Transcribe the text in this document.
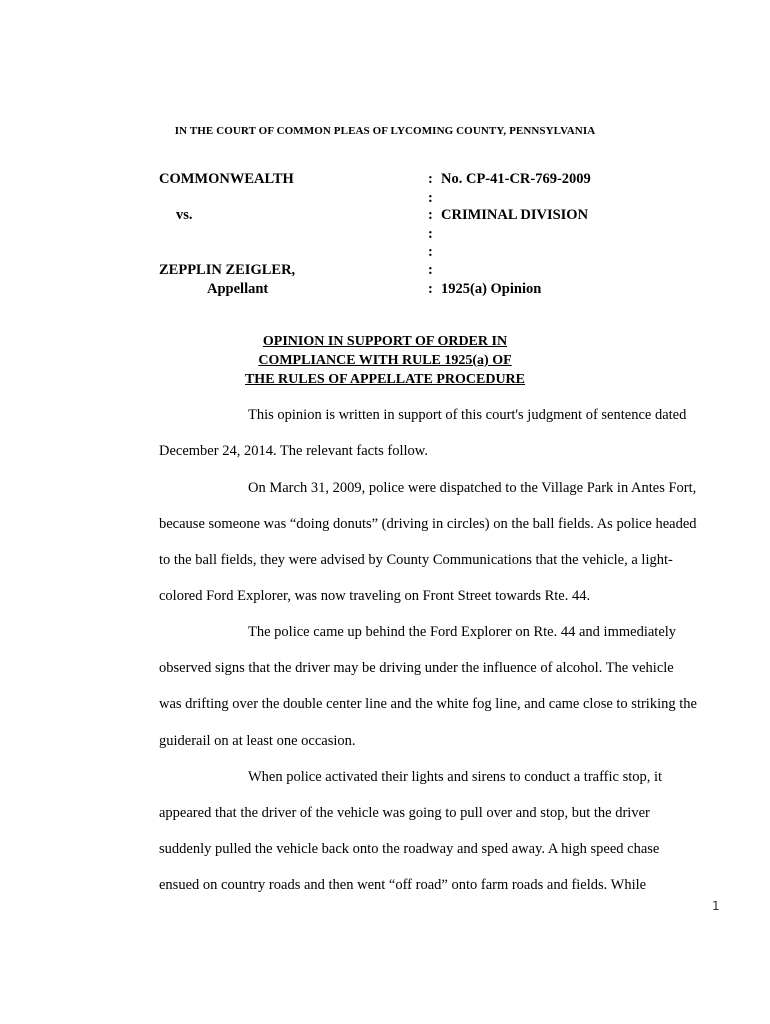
IN THE COURT OF COMMON PLEAS OF LYCOMING COUNTY, PENNSYLVANIA
COMMONWEALTH
vs.
ZEPPLIN ZEIGLER,
Appellant
:
:
:
:
:
:
:
No. CP-41-CR-769-2009
CRIMINAL DIVISION
1925(a) Opinion
OPINION IN SUPPORT OF ORDER IN
COMPLIANCE WITH RULE 1925(a) OF
THE RULES OF APPELLATE PROCEDURE
This opinion is written in support of this court's judgment of sentence dated
December 24, 2014. The relevant facts follow.
On March 31, 2009, police were dispatched to the Village Park in Antes Fort,
because someone was “doing donuts” (driving in circles) on the ball fields. As police headed
to the ball fields, they were advised by County Communications that the vehicle, a light-
colored Ford Explorer, was now traveling on Front Street towards Rte. 44.
The police came up behind the Ford Explorer on Rte. 44 and immediately
observed signs that the driver may be driving under the influence of alcohol. The vehicle
was drifting over the double center line and the white fog line, and came close to striking the
guiderail on at least one occasion.
When police activated their lights and sirens to conduct a traffic stop, it
appeared that the driver of the vehicle was going to pull over and stop, but the driver
suddenly pulled the vehicle back onto the roadway and sped away. A high speed chase
ensued on country roads and then went “off road” onto farm roads and fields. While
1
